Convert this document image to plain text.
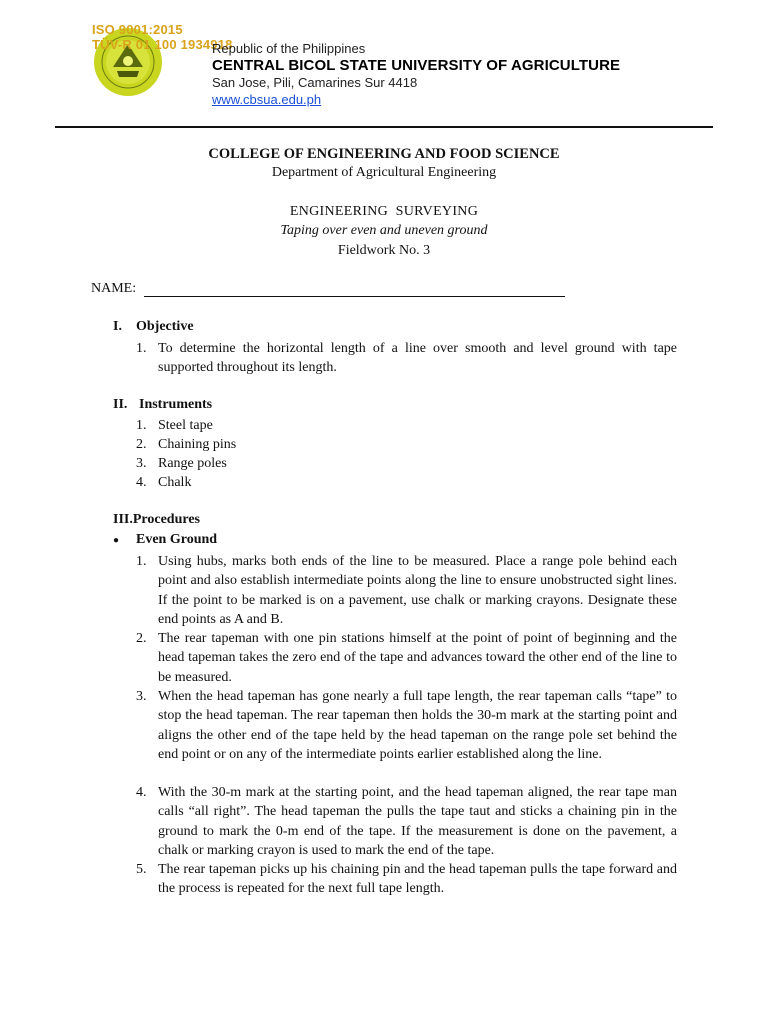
ISO 9001:2015
TÜV-R 01 100 1934918
Republic of the Philippines
CENTRAL BICOL STATE UNIVERSITY OF AGRICULTURE
San Jose, Pili, Camarines Sur 4418
www.cbsua.edu.ph
COLLEGE OF ENGINEERING AND FOOD SCIENCE
Department of Agricultural Engineering
ENGINEERING  SURVEYING
Taping over even and uneven ground
Fieldwork No. 3
NAME:
I. Objective
1. To determine the horizontal length of a line over smooth and level ground with tape supported throughout its length.
II. Instruments
1. Steel tape
2. Chaining pins
3. Range poles
4. Chalk
III.Procedures
● Even Ground
1. Using hubs, marks both ends of the line to be measured. Place a range pole behind each point and also establish intermediate points along the line to ensure unobstructed sight lines. If the point to be marked is on a pavement, use chalk or marking crayons. Designate these end points as A and B.
2. The rear tapeman with one pin stations himself at the point of point of beginning and the head tapeman takes the zero end of the tape and advances toward the other end of the line to be measured.
3. When the head tapeman has gone nearly a full tape length, the rear tapeman calls “tape” to stop the head tapeman. The rear tapeman then holds the 30-m mark at the starting point and aligns the other end of the tape held by the head tapeman on the range pole set behind the end point or on any of the intermediate points earlier established along the line.
4. With the 30-m mark at the starting point, and the head tapeman aligned, the rear tape man calls “all right”. The head tapeman the pulls the tape taut and sticks a chaining pin in the ground to mark the 0-m end of the tape. If the measurement is done on the pavement, a chalk or marking crayon is used to mark the end of the tape.
5. The rear tapeman picks up his chaining pin and the head tapeman pulls the tape forward and the process is repeated for the next full tape length.
